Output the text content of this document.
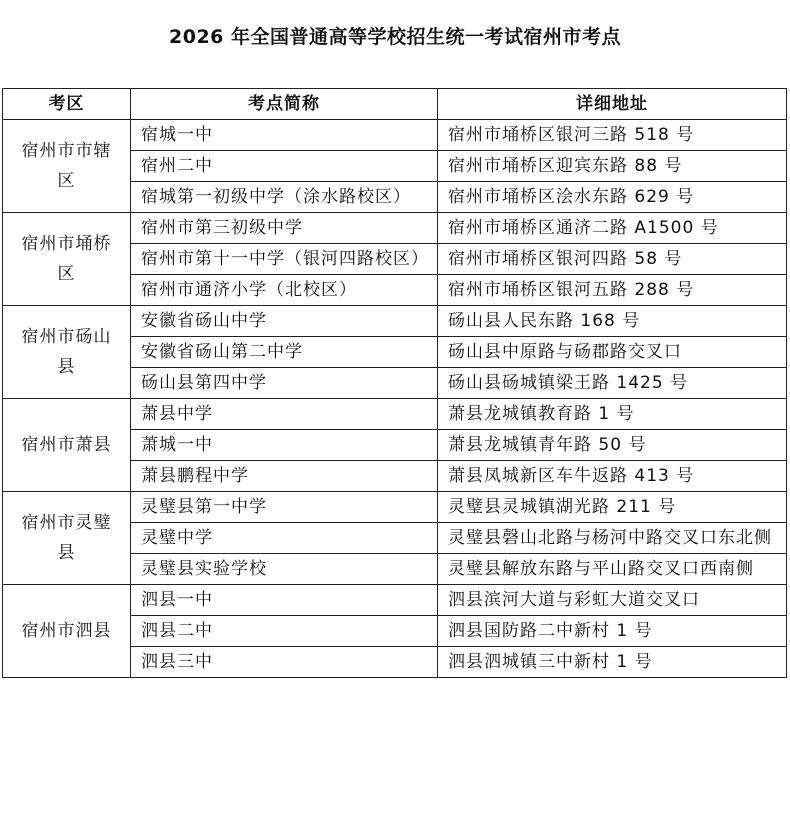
2026 年全国普通高等学校招生统一考试宿州市考点
考区	考点简称	详细地址
宿州市市辖区	宿城一中	宿州市埇桥区银河三路 518 号
	宿州二中	宿州市埇桥区迎宾东路 88 号
	宿城第一初级中学（涂水路校区）	宿州市埇桥区浍水东路 629 号
宿州市埇桥区	宿州市第三初级中学	宿州市埇桥区通济二路 A1500 号
	宿州市第十一中学（银河四路校区）	宿州市埇桥区银河四路 58 号
	宿州市通济小学（北校区）	宿州市埇桥区银河五路 288 号
宿州市砀山县	安徽省砀山中学	砀山县人民东路 168 号
	安徽省砀山第二中学	砀山县中原路与砀郡路交叉口
	砀山县第四中学	砀山县砀城镇梁王路 1425 号
宿州市萧县	萧县中学	萧县龙城镇教育路 1 号
	萧城一中	萧县龙城镇青年路 50 号
	萧县鹏程中学	萧县凤城新区车牛返路 413 号
宿州市灵璧县	灵璧县第一中学	灵璧县灵城镇湖光路 211 号
	灵璧中学	灵璧县磬山北路与杨河中路交叉口东北侧
	灵璧县实验学校	灵璧县解放东路与平山路交叉口西南侧
宿州市泗县	泗县一中	泗县滨河大道与彩虹大道交叉口
	泗县二中	泗县国防路二中新村 1 号
	泗县三中	泗县泗城镇三中新村 1 号
